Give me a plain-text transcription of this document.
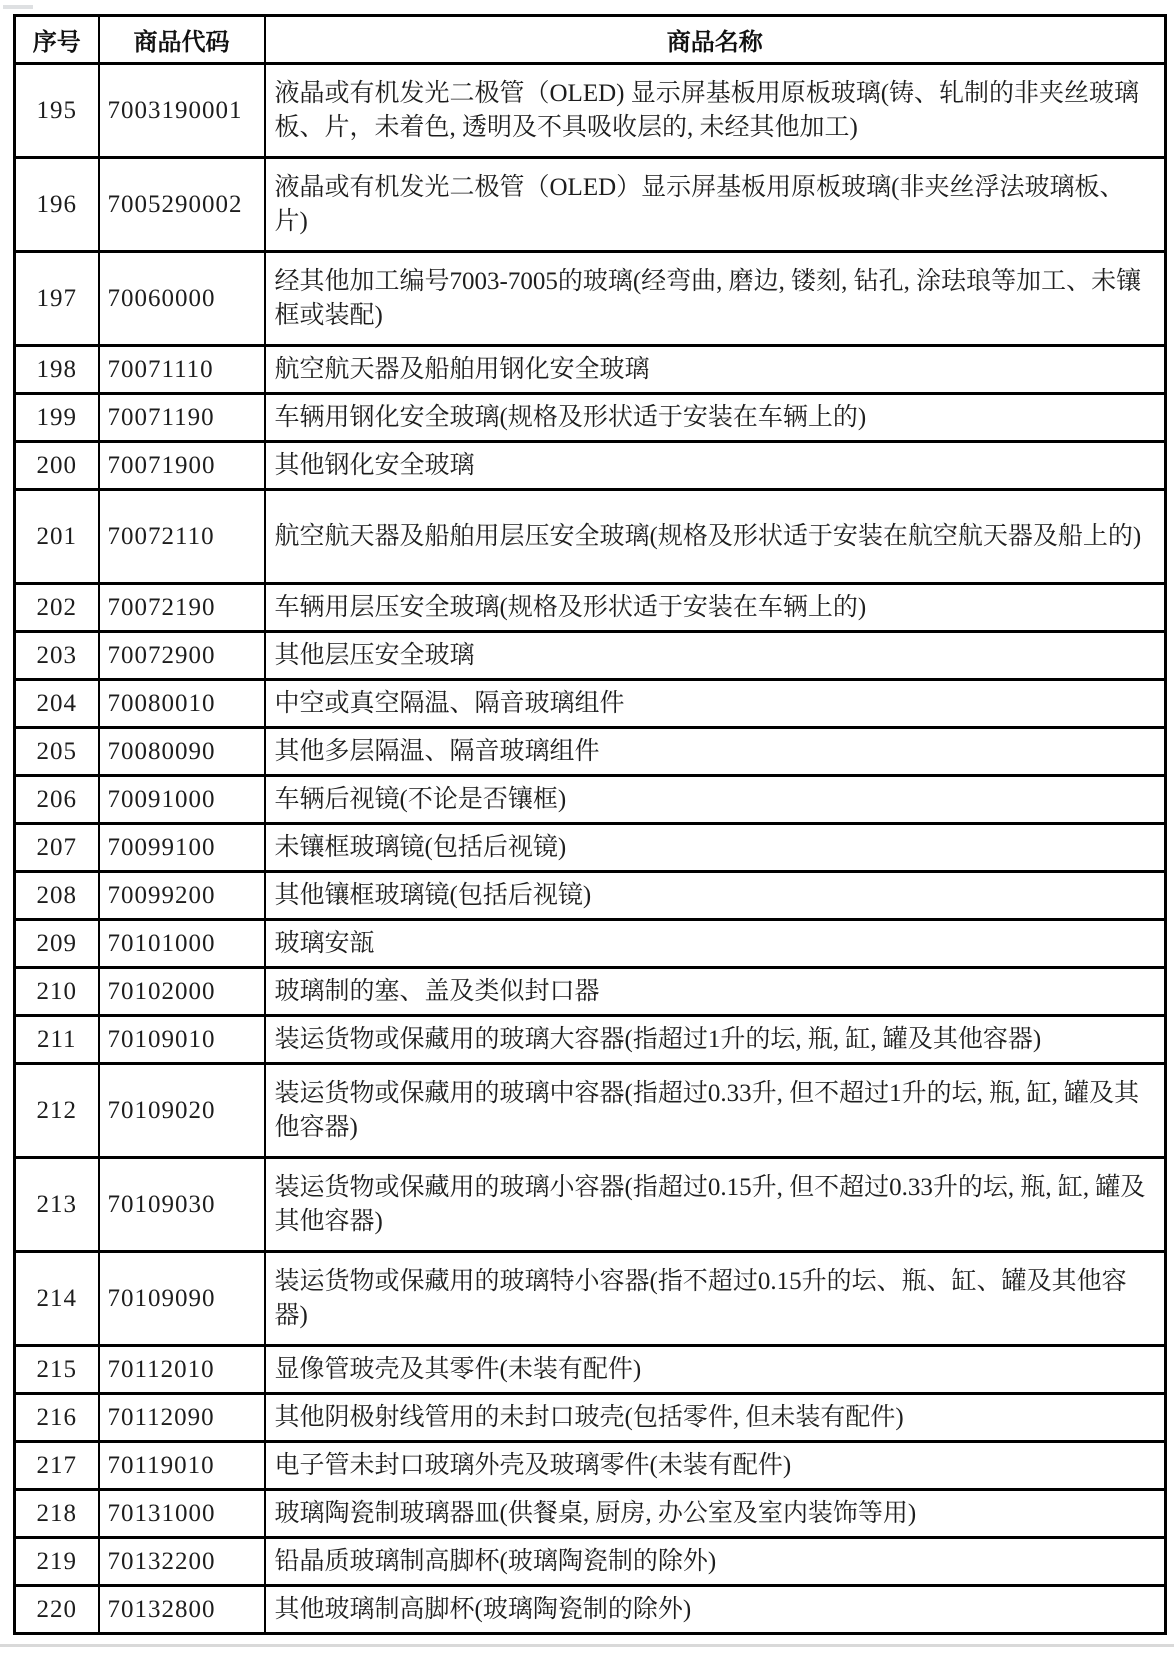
序号	商品代码	商品名称
195	7003190001	液晶或有机发光二极管（OLED) 显示屏基板用原板玻璃(铸、轧制的非夹丝玻璃板、片，未着色, 透明及不具吸收层的, 未经其他加工)
196	7005290002	液晶或有机发光二极管（OLED）显示屏基板用原板玻璃(非夹丝浮法玻璃板、片)
197	70060000	经其他加工编号7003-7005的玻璃(经弯曲, 磨边, 镂刻, 钻孔, 涂珐琅等加工、未镶框或装配)
198	70071110	航空航天器及船舶用钢化安全玻璃
199	70071190	车辆用钢化安全玻璃(规格及形状适于安装在车辆上的)
200	70071900	其他钢化安全玻璃
201	70072110	航空航天器及船舶用层压安全玻璃(规格及形状适于安装在航空航天器及船上的)
202	70072190	车辆用层压安全玻璃(规格及形状适于安装在车辆上的)
203	70072900	其他层压安全玻璃
204	70080010	中空或真空隔温、隔音玻璃组件
205	70080090	其他多层隔温、隔音玻璃组件
206	70091000	车辆后视镜(不论是否镶框)
207	70099100	未镶框玻璃镜(包括后视镜)
208	70099200	其他镶框玻璃镜(包括后视镜)
209	70101000	玻璃安瓿
210	70102000	玻璃制的塞、盖及类似封口器
211	70109010	装运货物或保藏用的玻璃大容器(指超过1升的坛, 瓶, 缸, 罐及其他容器)
212	70109020	装运货物或保藏用的玻璃中容器(指超过0.33升, 但不超过1升的坛, 瓶, 缸, 罐及其他容器)
213	70109030	装运货物或保藏用的玻璃小容器(指超过0.15升, 但不超过0.33升的坛, 瓶, 缸, 罐及其他容器)
214	70109090	装运货物或保藏用的玻璃特小容器(指不超过0.15升的坛、瓶、缸、罐及其他容器)
215	70112010	显像管玻壳及其零件(未装有配件)
216	70112090	其他阴极射线管用的未封口玻壳(包括零件, 但未装有配件)
217	70119010	电子管未封口玻璃外壳及玻璃零件(未装有配件)
218	70131000	玻璃陶瓷制玻璃器皿(供餐桌, 厨房, 办公室及室内装饰等用)
219	70132200	铅晶质玻璃制高脚杯(玻璃陶瓷制的除外)
220	70132800	其他玻璃制高脚杯(玻璃陶瓷制的除外)
